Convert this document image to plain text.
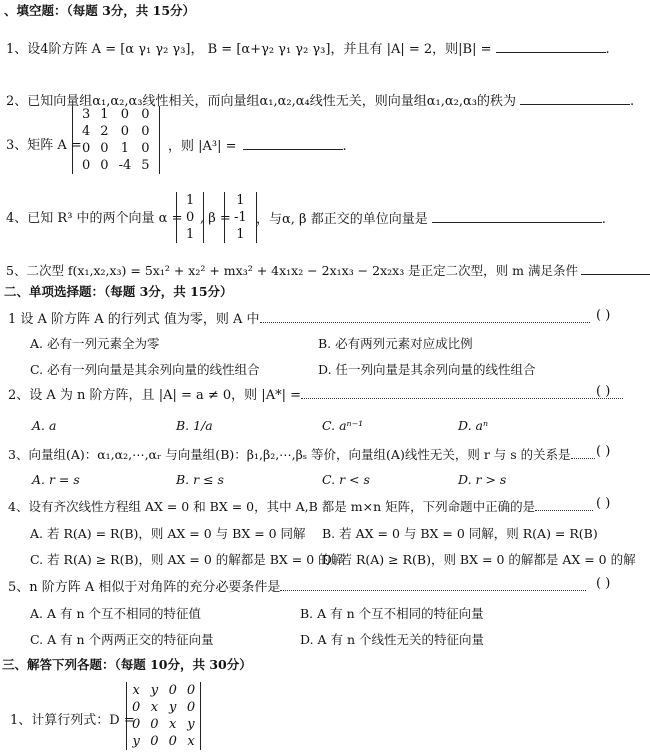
、填空题：（每题 3分，共 15分）
1、设4阶方阵 A = [α γ₁ γ₂ γ₃]， B = [α+γ₂ γ₁ γ₂ γ₃]，并且有 |A| = 2，则|B| =	.
2、已知向量组α₁,α₂,α₃线性相关，而向量组α₁,α₂,α₄线性无关，则向量组α₁,α₂,α₃的秩为	.
3、矩阵 A =
3	1	0	0
4	2	0	0
0	0	1	0
0	0	-4	5
，则 |A³| =	.
4、已知 R³ 中的两个向量 α =
1
0
1
, β =
1
-1
1
，与α, β 都正交的单位向量是	.
5、二次型 f(x₁,x₂,x₃) = 5x₁² + x₂² + mx₃² + 4x₁x₂ − 2x₁x₃ − 2x₂x₃ 是正定二次型，则 m 满足条件
二、单项选择题：（每题 3分，共 15分）
1 设 A 阶方阵 A 的行列式 值为零，则 A 中	( )
A. 必有一列元素全为零	B. 必有两列元素对应成比例
C. 必有一列向量是其余列向量的线性组合	D. 任一列向量是其余列向量的线性组合
2、设 A 为 n 阶方阵，且 |A| = a ≠ 0，则 |A*| =	( )
A. a	B. 1/a	C. aⁿ⁻¹	D. aⁿ
3、向量组(A)：α₁,α₂,⋯,αᵣ 与向量组(B)：β₁,β₂,⋯,βₛ 等价，向量组(A)线性无关，则 r 与 s 的关系是	( )
A. r = s	B. r ≤ s	C. r < s	D. r > s
4、设有齐次线性方程组 AX = 0 和 BX = 0，其中 A,B 都是 m×n 矩阵，下列命题中正确的是	( )
A. 若 R(A) = R(B)，则 AX = 0 与 BX = 0 同解 B. 若 AX = 0 与 BX = 0 同解，则 R(A) = R(B)
C. 若 R(A) ≥ R(B)，则 AX = 0 的解都是 BX = 0 的解
D. 若 R(A) ≥ R(B)，则 BX = 0 的解都是 AX = 0 的解
5、n 阶方阵 A 相似于对角阵的充分必要条件是	( )
A. A 有 n 个互不相同的特征值	B. A 有 n 个互不相同的特征向量
C. A 有 n 个两两正交的特征向量	D. A 有 n 个线性无关的特征向量
三、解答下列各题：（每题 10分，共 30分）
1、计算行列式：D =
x	y	0	0
0	x	y	0
0	0	x	y
y	0	0	x
